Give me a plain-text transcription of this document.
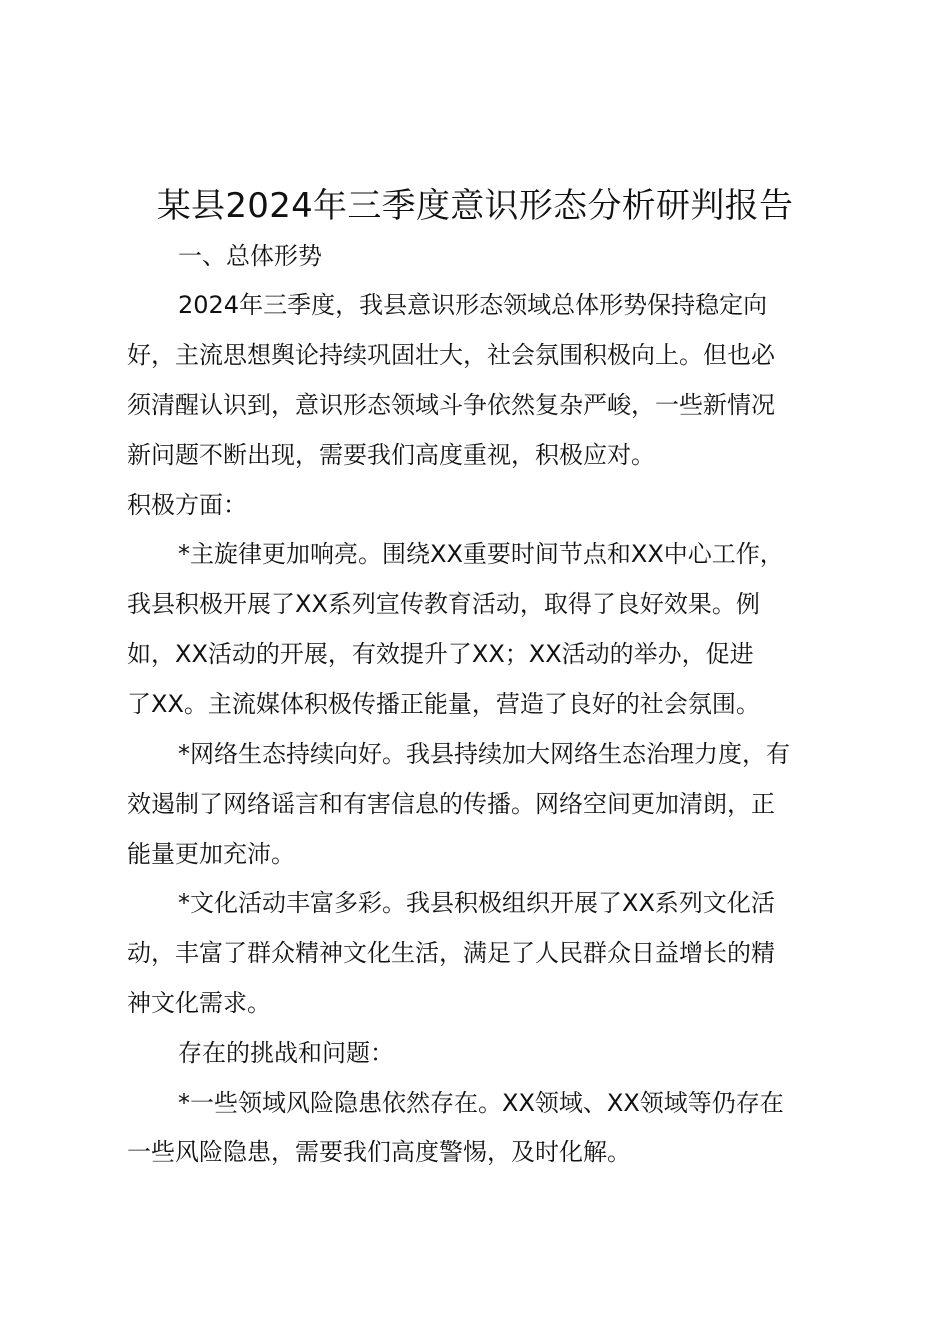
某县2024年三季度意识形态分析研判报告
一、总体形势
2024年三季度，我县意识形态领域总体形势保持稳定向
好，主流思想舆论持续巩固壮大，社会氛围积极向上。但也必
须清醒认识到，意识形态领域斗争依然复杂严峻，一些新情况
新问题不断出现，需要我们高度重视，积极应对。
积极方面：
*主旋律更加响亮。围绕XX重要时间节点和XX中心工作，
我县积极开展了XX系列宣传教育活动，取得了良好效果。例
如，XX活动的开展，有效提升了XX；XX活动的举办，促进
了XX。主流媒体积极传播正能量，营造了良好的社会氛围。
*网络生态持续向好。我县持续加大网络生态治理力度，有
效遏制了网络谣言和有害信息的传播。网络空间更加清朗，正
能量更加充沛。
*文化活动丰富多彩。我县积极组织开展了XX系列文化活
动，丰富了群众精神文化生活，满足了人民群众日益增长的精
神文化需求。
存在的挑战和问题：
*一些领域风险隐患依然存在。XX领域、XX领域等仍存在
一些风险隐患，需要我们高度警惕，及时化解。
